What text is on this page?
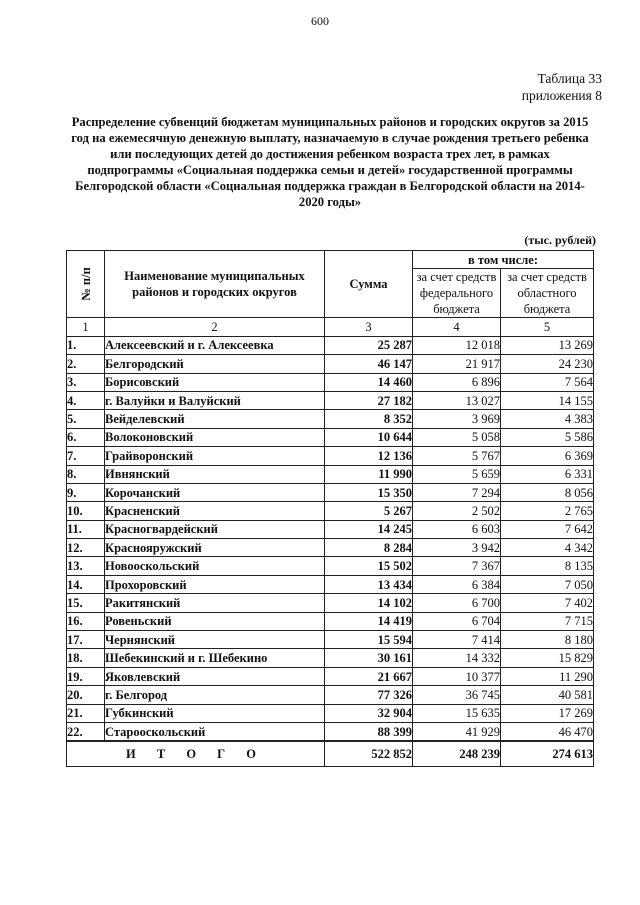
600
Таблица 33
приложения 8
Распределение субвенций бюджетам муниципальных районов и городских округов за 2015 год на ежемесячную денежную выплату, назначаемую в случае рождения третьего ребенка или последующих детей до достижения ребенком возраста трех лет, в рамках подпрограммы «Социальная поддержка семьи и детей» государственной программы Белгородской области «Социальная поддержка граждан в Белгородской области на 2014-2020 годы»
(тыс. рублей)
№ п/п	Наименование муниципальных районов и городских округов	Сумма	в том числе:	
			за счет средств федерального бюджета	за счет средств областного бюджета
1	2	3	4	5
1.	Алексеевский и г. Алексеевка	25 287	12 018	13 269
2.	Белгородский	46 147	21 917	24 230
3.	Борисовский	14 460	6 896	7 564
4.	г. Валуйки и Валуйский	27 182	13 027	14 155
5.	Вейделевский	8 352	3 969	4 383
6.	Волоконовский	10 644	5 058	5 586
7.	Грайворонский	12 136	5 767	6 369
8.	Ивнянский	11 990	5 659	6 331
9.	Корочанский	15 350	7 294	8 056
10.	Красненский	5 267	2 502	2 765
11.	Красногвардейский	14 245	6 603	7 642
12.	Краснояружский	8 284	3 942	4 342
13.	Новооскольский	15 502	7 367	8 135
14.	Прохоровский	13 434	6 384	7 050
15.	Ракитянский	14 102	6 700	7 402
16.	Ровеньский	14 419	6 704	7 715
17.	Чернянский	15 594	7 414	8 180
18.	Шебекинский и г. Шебекино	30 161	14 332	15 829
19.	Яковлевский	21 667	10 377	11 290
20.	г. Белгород	77 326	36 745	40 581
21.	Губкинский	32 904	15 635	17 269
22.	Старооскольский	88 399	41 929	46 470
И Т О Г О		522 852	248 239	274 613
